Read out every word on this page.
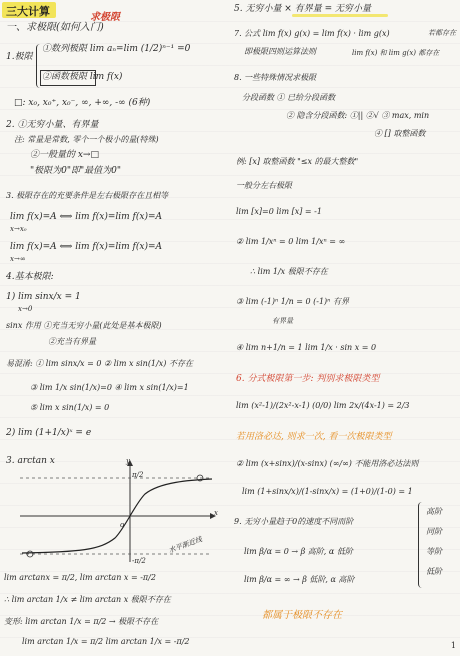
三大计算	求极限
一、求极限(如何入门)
1.极限
①数列极限 lim aₙ=lim (1/2)ⁿ⁻¹ =0
②函数极限 lim f(x)
□: x₀, x₀⁺, x₀⁻, ∞, +∞, -∞ (6种)
2. ①无穷小量、有界量
注: 常量是常数, 零个一个极小的量(特殊)
②一般量的 x→□
"极限为0"即"最值为0"
3. 极限存在的充要条件是左右极限存在且相等
lim f(x)=A ⟺ lim f(x)=lim f(x)=A
x→x₀
lim f(x)=A ⟺ lim f(x)=lim f(x)=A
x→∞
4.基本极限:
1) lim sinx/x = 1
x→0
sinx 作用 ①充当无穷小量(此处是基本极限)
②充当有界量
易混淆: ① lim sinx/x = 0 ② lim x sin(1/x) 不存在
③ lim 1/x sin(1/x)=0 ④ lim x sin(1/x)=1
⑤ lim x sin(1/x) = 0
2) lim (1+1/x)ˣ = e
3. arctan x	y
x
o
π/2
-π/2
水平渐近线
lim arctanx = π/2, lim arctan x = -π/2
∴ lim arctan 1/x ≠ lim arctan x 极限不存在
变形: lim arctan 1/x = π/2 → 极限不存在
lim arctan 1/x = π/2 lim arctan 1/x = -π/2
5. 无穷小量 × 有界量 = 无穷小量
7. 公式 lim f(x) g(x) = lim f(x) · lim g(x)	若都存在
即极限四则运算法则	lim f(x) 和 lim g(x) 都存在
8. 一些特殊情况求极限
分段函数 ① 已给分段函数
② 隐含分段函数: ①|| ②√ ③ max, min
④ [] 取整函数
例: [x] 取整函数 "≤x 的最大整数"
一般分左右极限
lim [x]=0 lim [x] = -1
② lim 1/xⁿ = 0 lim 1/xⁿ = ∞
∴ lim 1/x 极限不存在
③ lim (-1)ⁿ 1/n = 0 (-1)ⁿ 有界
有界量
④ lim n+1/n = 1 lim 1/x · sin x = 0
6. 分式极限第一步: 判别求极限类型
lim (x²-1)/(2x²-x-1) (0/0) lim 2x/(4x-1) = 2/3
若用洛必达, 则求一次, 看一次极限类型
② lim (x+sinx)/(x-sinx) (∞/∞) 不能用洛必达法则
lim (1+sinx/x)/(1-sinx/x) = (1+0)/(1-0) = 1
9. 无穷小量趋于0的速度不同而阶
lim β/α = 0 → β 高阶, α 低阶
lim β/α = ∞ → β 低阶, α 高阶
高阶
同阶
等阶
低阶
都属于极限不存在
1
